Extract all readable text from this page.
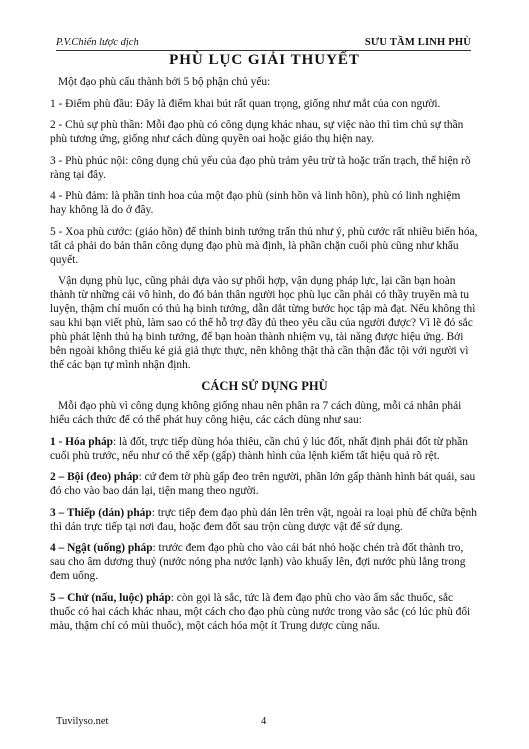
P.V.Chiến lược dịch	SƯU TẦM LINH PHÙ
PHÙ LỤC GIẢI THUYẾT

Một đạo phù cấu thành bởi 5 bộ phận chủ yếu:

1 - Điểm phù đầu: Đây là điểm khai bút rất quan trọng, giống như mắt của con người.

2 - Chủ sự phù thần: Mỗi đạo phù có công dụng khác nhau, sự việc nào thì tìm chủ sự thần phù tương ứng, giống như cách dùng quyền oai hoặc giáo thụ hiện nay.

3 - Phù phúc nội: công dụng chủ yếu của đạo phù trảm yêu trừ tà hoặc trấn trạch, thể hiện rõ ràng tại đây.

4 - Phù đảm: là phần tinh hoa của một đạo phù (sinh hồn và linh hồn), phù có linh nghiệm hay không là do ở đây.

5 - Xoa phù cước: (giáo hồn) để thỉnh binh tướng trấn thủ như ý, phù cước rất nhiều biến hóa, tất cả phải do bản thân công dụng đạo phù mà định, là phần chặn cuối phù cũng như khẩu quyết.

Vận dụng phù lục, cũng phải dựa vào sự phối hợp, vận dụng pháp lực, lại cần bạn hoàn thành từ những cái vô hình, do đó bản thân người học phù lục cần phải có thầy truyền mà tu luyện, thậm chí muốn có thủ hạ binh tướng, dẫn dắt từng bước học tập mà đạt. Nếu không thì sau khi bạn viết phù, làm sao có thể hỗ trợ đầy đủ theo yêu cầu của người được? Vì lẽ đó sắc phù phát lệnh thủ hạ binh tướng, để bạn hoàn thành nhiệm vụ, tài năng được hiệu ứng. Bởi bên ngoài không thiếu kẻ giả giả thực thực, nên không thật thà cần thận đắc tội với người vì thế các bạn tự mình nhận định.

CÁCH SỬ DỤNG PHÙ

Mỗi đạo phù vì công dụng không giống nhau nên phân ra 7 cách dùng, mỗi cá nhân phải hiểu cách thức để có thể phát huy công hiệu, các cách dùng như sau:

1 - Hóa pháp: là đốt, trực tiếp dùng hóa thiêu, cần chú ý lúc đốt, nhất định phải đốt từ phần cuối phù trước, nếu như có thể xếp (gấp) thành hình của lệnh kiếm tất hiệu quả rõ rệt.

2 – Bội (đeo) pháp: cứ đem tờ phù gấp đeo trên người, phần lớn gấp thành hình bát quái, sau đó cho vào bao dán lại, tiện mang theo người.

3 – Thiếp (dán) pháp: trực tiếp đem đạo phù dán lên trên vật, ngoài ra loại phù để chữa bệnh thì dán trực tiếp tại nơi đau, hoặc đem đốt sau trộn cùng dược vật để sử dụng.

4 – Ngật (uống) pháp: trước đem đạo phù cho vào cái bát nhỏ hoặc chén trà đốt thành tro, sau cho âm dương thuỷ (nước nóng pha nước lạnh) vào khuấy lên, đợi nước phù lắng trong đem uống.

5 – Chử (nấu, luộc) pháp: còn gọi là sắc, tức là đem đạo phù cho vào ấm sắc thuốc, sắc thuốc có hai cách khác nhau, một cách cho đạo phù cùng nước trong vào sắc (có lúc phù đổi màu, thậm chí có mùi thuốc), một cách hóa một ít Trung dược cùng nấu.

Tuvilyso.net	4
